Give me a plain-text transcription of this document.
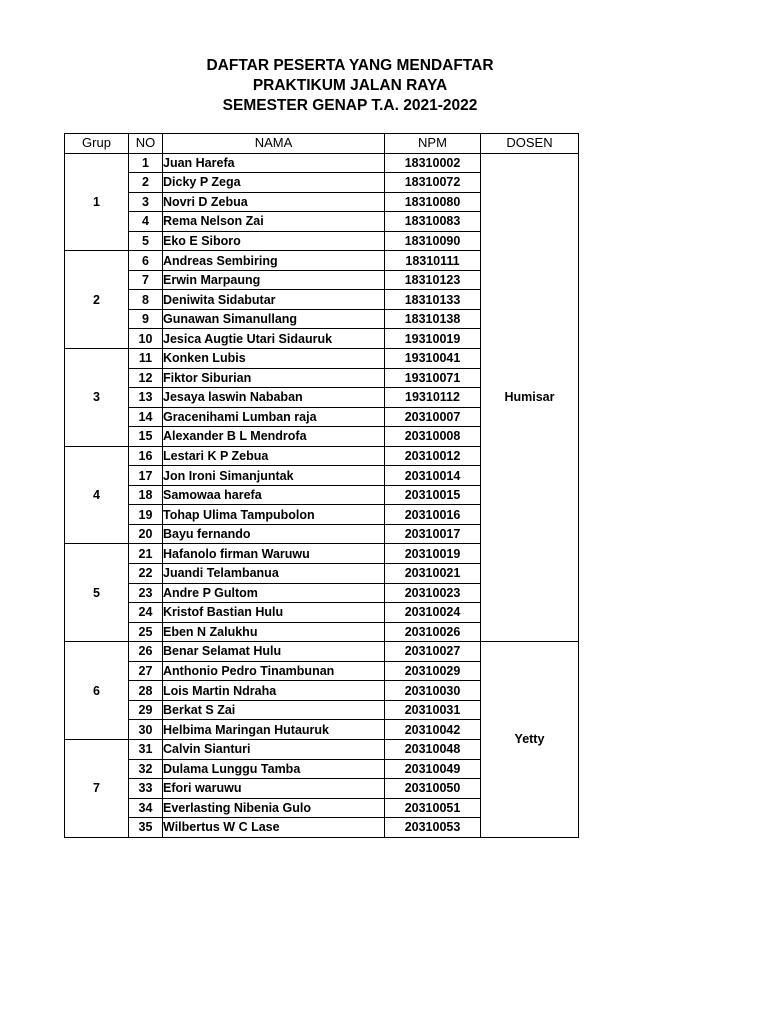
DAFTAR PESERTA YANG MENDAFTAR
PRAKTIKUM JALAN RAYA
SEMESTER GENAP T.A. 2021-2022
Grup	NO	NAMA	NPM	DOSEN
1	1	Juan Harefa	18310002	Humisar
	2	Dicky P Zega	18310072	
	3	Novri D Zebua	18310080	
	4	Rema Nelson Zai	18310083	
	5	Eko E Siboro	18310090	
2	6	Andreas Sembiring	18310111	
	7	Erwin Marpaung	18310123	
	8	Deniwita Sidabutar	18310133	
	9	Gunawan Simanullang	18310138	
	10	Jesica Augtie Utari Sidauruk	19310019	
3	11	Konken Lubis	19310041	
	12	Fiktor Siburian	19310071	
	13	Jesaya laswin Nababan	19310112	
	14	Gracenihami Lumban raja	20310007	
	15	Alexander B L Mendrofa	20310008	
4	16	Lestari K P Zebua	20310012	
	17	Jon Ironi Simanjuntak	20310014	
	18	Samowaa harefa	20310015	
	19	Tohap Ulima Tampubolon	20310016	
	20	Bayu fernando	20310017	
5	21	Hafanolo firman Waruwu	20310019	
	22	Juandi Telambanua	20310021	
	23	Andre P Gultom	20310023	
	24	Kristof Bastian Hulu	20310024	
	25	Eben N Zalukhu	20310026	
6	26	Benar Selamat Hulu	20310027	Yetty
	27	Anthonio Pedro Tinambunan	20310029	
	28	Lois Martin Ndraha	20310030	
	29	Berkat S Zai	20310031	
	30	Helbima Maringan Hutauruk	20310042	
7	31	Calvin Sianturi	20310048	
	32	Dulama Lunggu Tamba	20310049	
	33	Efori waruwu	20310050	
	34	Everlasting Nibenia Gulo	20310051	
	35	Wilbertus W C Lase	20310053	
